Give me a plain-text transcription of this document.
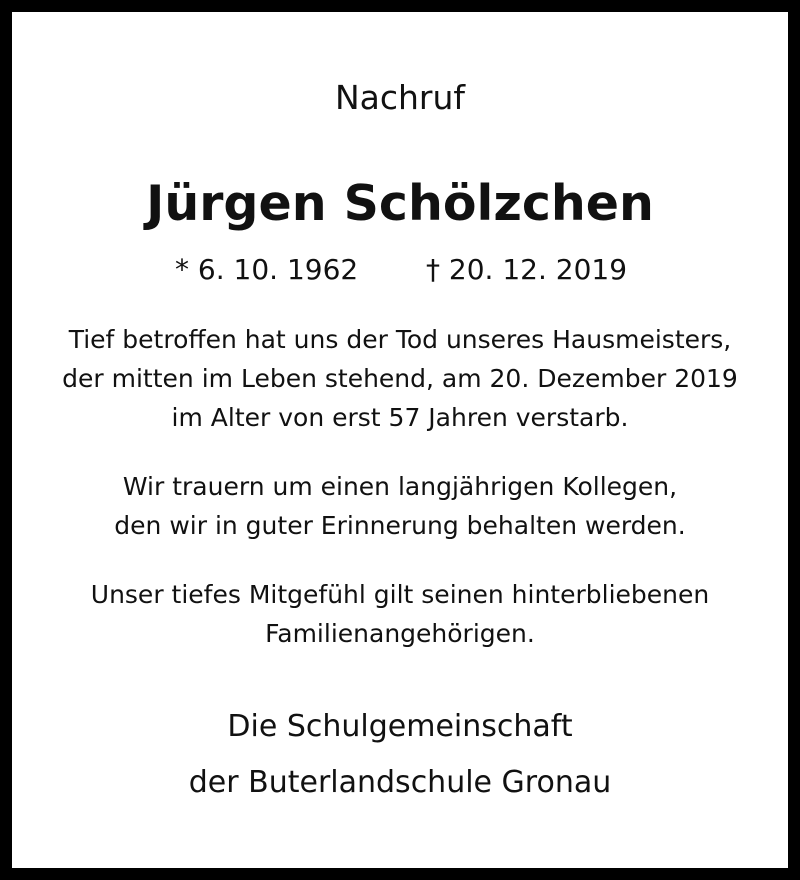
Nachruf
Jürgen Schölzchen
* 6. 10. 1962 † 20. 12. 2019
Tief betroffen hat uns der Tod unseres Hausmeisters,
der mitten im Leben stehend, am 20. Dezember 2019
im Alter von erst 57 Jahren verstarb.
Wir trauern um einen langjährigen Kollegen,
den wir in guter Erinnerung behalten werden.
Unser tiefes Mitgefühl gilt seinen hinterbliebenen
Familienangehörigen.
Die Schulgemeinschaft
der Buterlandschule Gronau
